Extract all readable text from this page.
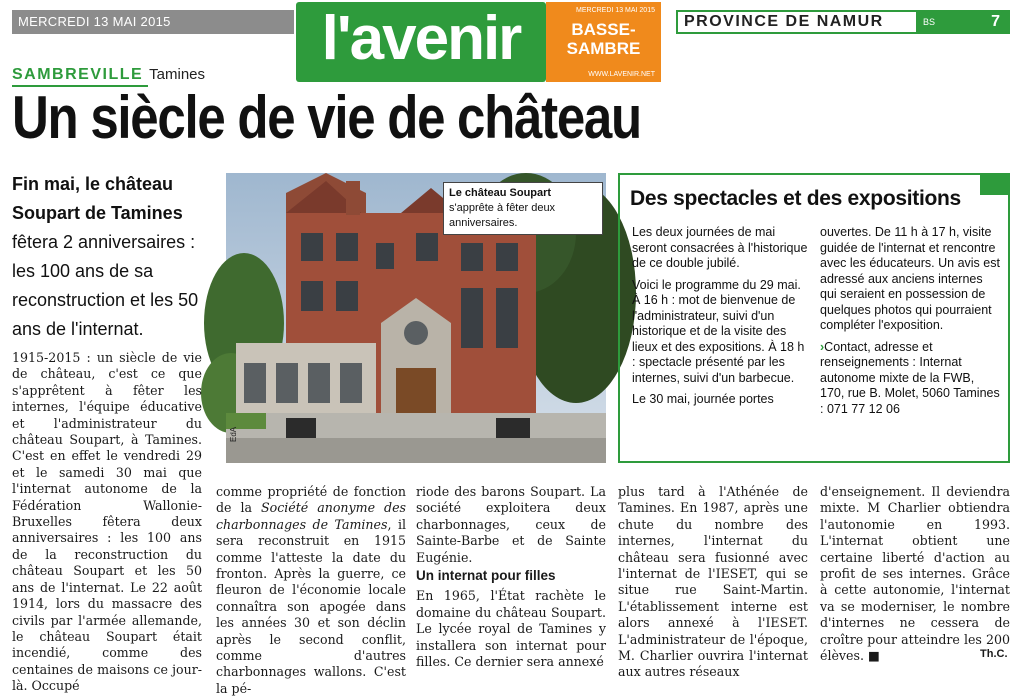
MERCREDI 13 MAI 2015	l'avenir	MERCREDI 13 MAI 2015
BASSE-
SAMBRE
WWW.LAVENIR.NET
PROVINCE DE NAMUR	BS	7
SAMBREVILLE Tamines
Un siècle de vie de château
Fin mai, le château Soupart de Tamines fêtera 2 anniversaires : les 100 ans de sa reconstruction et les 50 ans de l'internat.
Le château Soupart s'apprête à fêter deux anniversaires.
EdA
Des spectacles et des expositions

Les deux journées de mai seront consacrées à l'historique de ce double jubilé.

Voici le programme du 29 mai. À 16 h : mot de bienvenue de l'administrateur, suivi d'un historique et de la visite des lieux et des expositions. À 18 h : spectacle présenté par les internes, suivi d'un barbecue.

Le 30 mai, journée portes

ouvertes. De 11 h à 17 h, visite guidée de l'internat et rencontre avec les éducateurs. Un avis est adressé aux anciens internes qui seraient en possession de quelques photos qui pourraient compléter l'exposition.

›Contact, adresse et renseignements : Internat autonome mixte de la FWB, 170, rue B. Molet, 5060 Tamines : 071 77 12 06

1915-2015 : un siècle de vie de château, c'est ce que s'apprêtent à fêter les internes, l'équipe éducative et l'administrateur du château Soupart, à Tamines. C'est en effet le vendredi 29 et le samedi 30 mai que l'internat autonome de la Fédération Wallonie-Bruxelles fêtera deux anniversaires : les 100 ans de la reconstruction du château Soupart et les 50 ans de l'internat. Le 22 août 1914, lors du massacre des civils par l'armée allemande, le château Soupart était incendié, comme des centaines de maisons ce jour-là. Occupé

comme propriété de fonction de la Société anonyme des charbonnages de Tamines, il sera reconstruit en 1915 comme l'atteste la date du fronton. Après la guerre, ce fleuron de l'économie locale connaîtra son apogée dans les années 30 et son déclin après le second conflit, comme d'autres charbonnages wallons. C'est la pé-

riode des barons Soupart. La société exploitera deux charbonnages, ceux de Sainte-Barbe et de Sainte Eugénie.

Un internat pour filles

En 1965, l'État rachète le domaine du château Soupart. Le lycée royal de Tamines y installera son internat pour filles. Ce dernier sera annexé

plus tard à l'Athénée de Tamines. En 1987, après une chute du nombre des internes, l'internat du château sera fusionné avec l'internat de l'IESET, qui se situe rue Saint-Martin. L'établissement interne est alors annexé à l'IESET. L'administrateur de l'époque, M. Charlier ouvrira l'internat aux autres réseaux

d'enseignement. Il deviendra mixte. M Charlier obtiendra l'autonomie en 1993. L'internat obtient une certaine liberté d'action au profit de ses internes. Grâce à cette autonomie, l'internat va se moderniser, le nombre d'internes ne cessera de croître pour atteindre les 200 élèves. ■	Th.C.
